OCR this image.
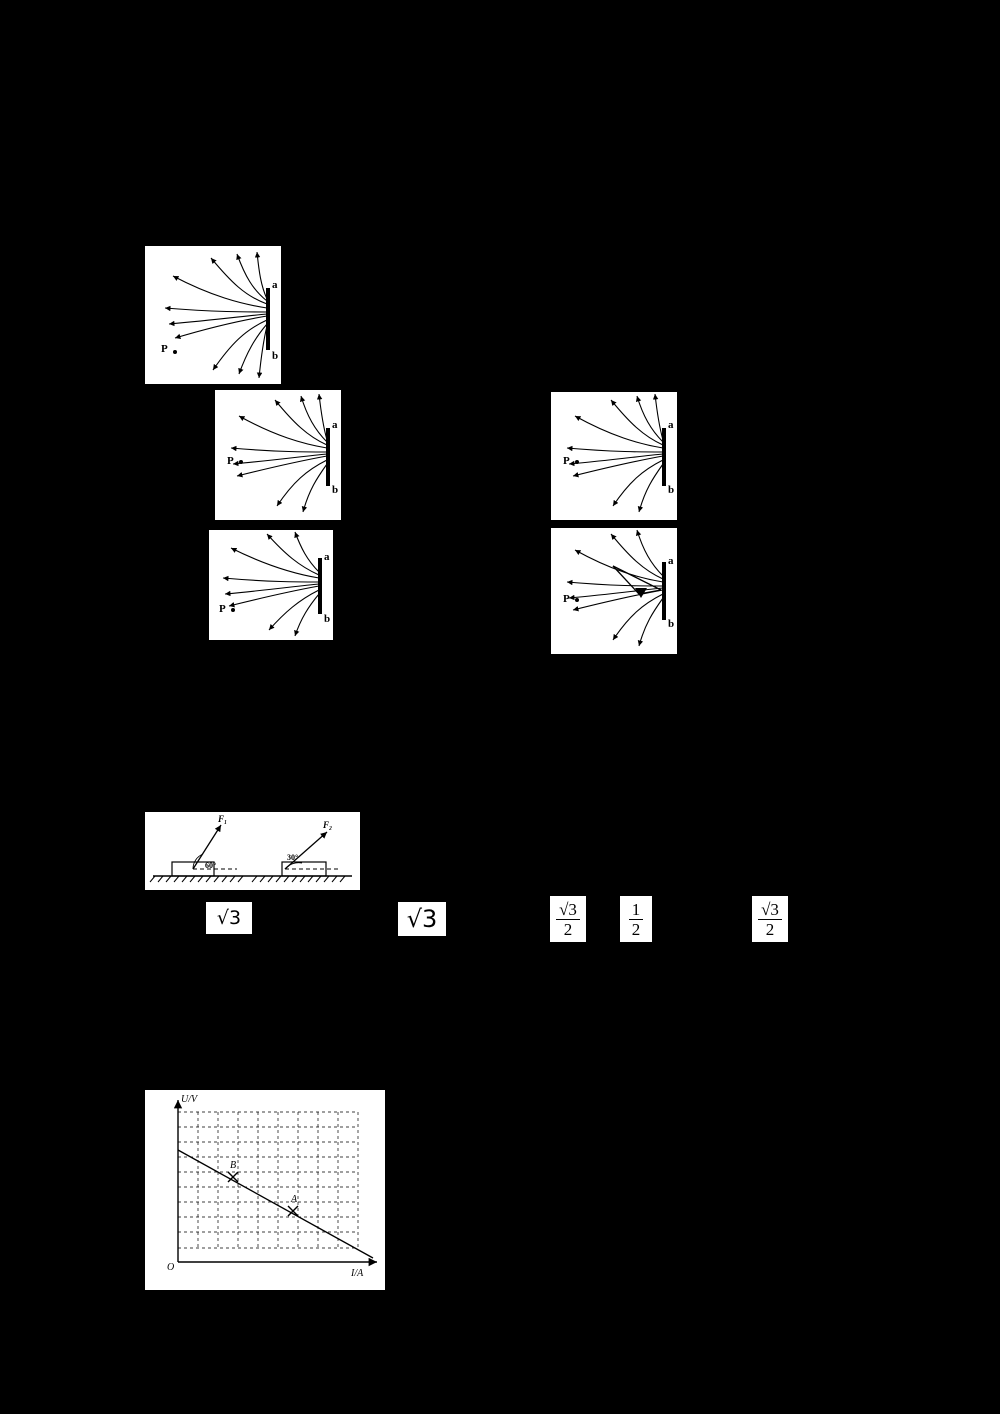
a
b
P
a
b
P
a
b
P
a
b
P
a
b
P
60°
F₁
30°
F₂
√3	√3	$\frac{√3}{2}$	$\frac{1}{2}$	$\frac{√3}{2}$
U/V
I/A
O
B
A
